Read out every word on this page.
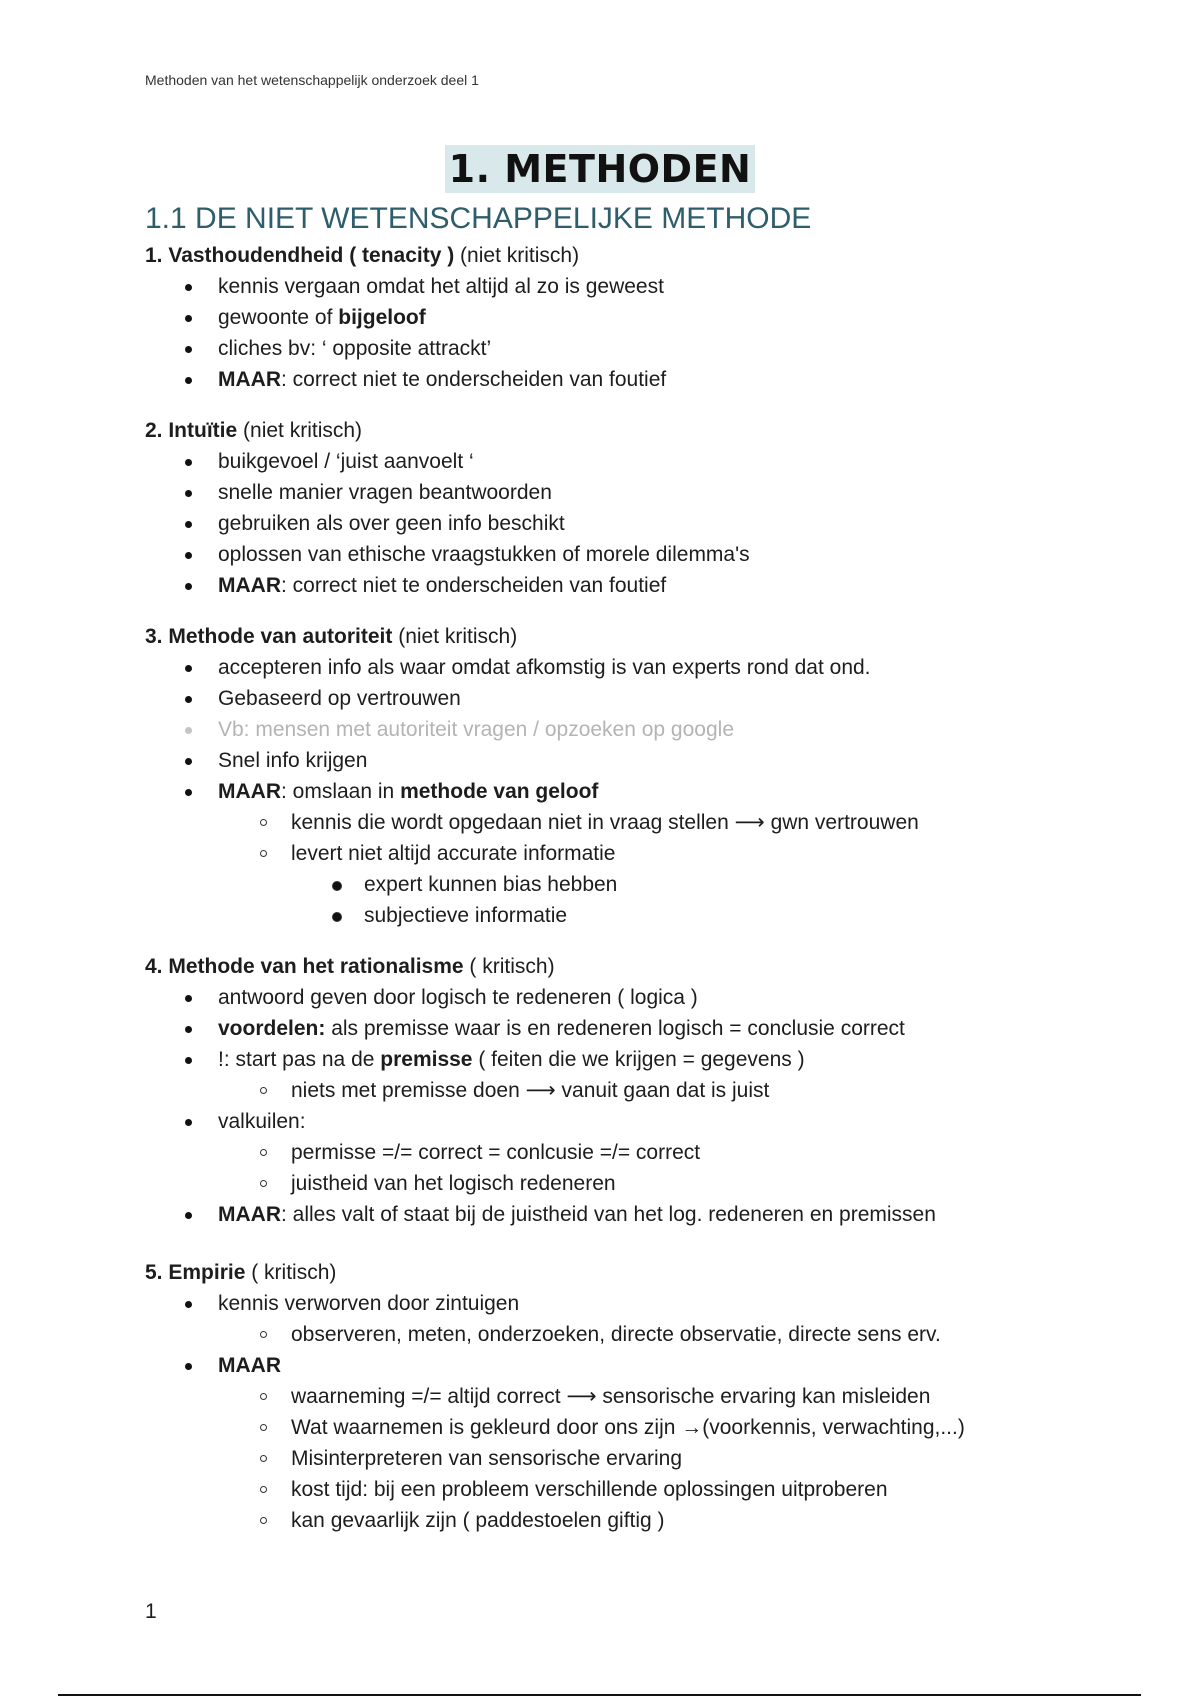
Methoden van het wetenschappelijk onderzoek deel 1
1. METHODEN
1.1 DE NIET WETENSCHAPPELIJKE METHODE

1. Vasthoudendheid ( tenacity ) (niet kritisch)

kennis vergaan omdat het altijd al zo is geweest
gewoonte of bijgeloof
cliches bv: ‘ opposite attrackt’
MAAR: correct niet te onderscheiden van foutief

2. Intuïtie (niet kritisch)

buikgevoel / ‘juist aanvoelt ‘
snelle manier vragen beantwoorden
gebruiken als over geen info beschikt
oplossen van ethische vraagstukken of morele dilemma's
MAAR: correct niet te onderscheiden van foutief

3. Methode van autoriteit (niet kritisch)

accepteren info als waar omdat afkomstig is van experts rond dat ond.
Gebaseerd op vertrouwen
Vb: mensen met autoriteit vragen / opzoeken op google
Snel info krijgen
MAAR: omslaan in methode van geloof
kennis die wordt opgedaan niet in vraag stellen ⟶ gwn vertrouwen
levert niet altijd accurate informatie
expert kunnen bias hebben
subjectieve informatie

4. Methode van het rationalisme ( kritisch)

antwoord geven door logisch te redeneren ( logica )
voordelen: als premisse waar is en redeneren logisch = conclusie correct
!: start pas na de premisse ( feiten die we krijgen = gegevens )
niets met premisse doen ⟶ vanuit gaan dat is juist
valkuilen:
permisse =/= correct = conlcusie =/= correct
juistheid van het logisch redeneren
MAAR: alles valt of staat bij de juistheid van het log. redeneren en premissen

5. Empirie ( kritisch)

kennis verworven door zintuigen
observeren, meten, onderzoeken, directe observatie, directe sens erv.
MAAR
waarneming =/= altijd correct ⟶ sensorische ervaring kan misleiden
Wat waarnemen is gekleurd door ons zijn →(voorkennis, verwachting,...)
Misinterpreteren van sensorische ervaring
kost tijd: bij een probleem verschillende oplossingen uitproberen
kan gevaarlijk zijn ( paddestoelen giftig )
1
